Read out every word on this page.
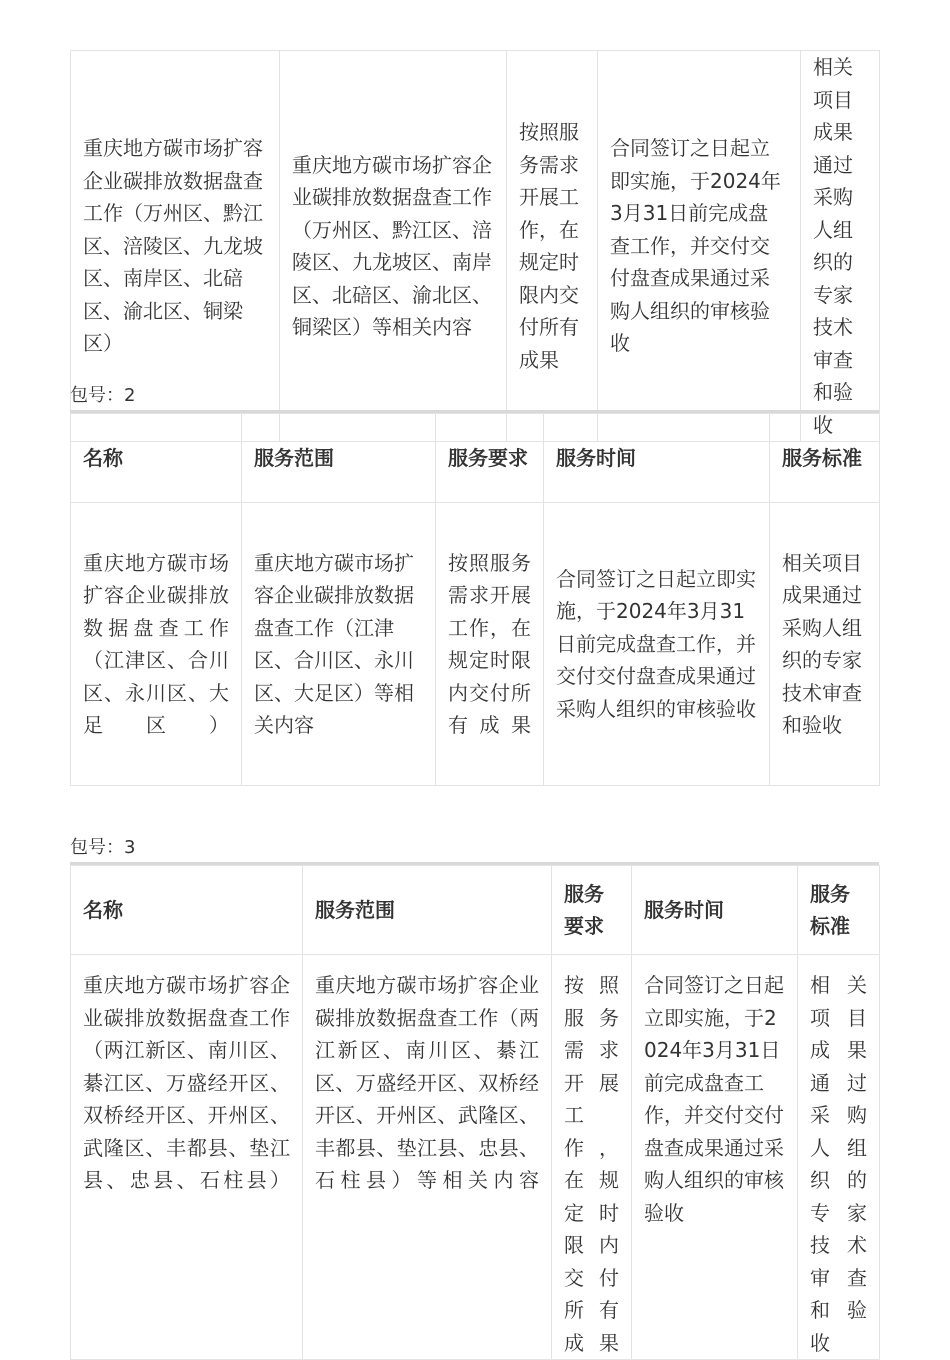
重庆地方碳市场扩容企业碳排放数据盘查工作（万州区、黔江区、涪陵区、九龙坡区、南岸区、北碚区、渝北区、铜梁区）	重庆地方碳市场扩容企业碳排放数据盘查工作（万州区、黔江区、涪陵区、九龙坡区、南岸区、北碚区、渝北区、铜梁区）等相关内容	按照服务需求开展工作，在规定时限内交付所有成果	合同签订之日起立即实施，于2024年3月31日前完成盘查工作，并交付交付盘查成果通过采购人组织的审核验收	相关项目成果通过采购人组织的专家技术审查和验收
包号：2
名称	服务范围	服务要求	服务时间	服务标准

重庆地方碳市场扩容企业碳排放数据盘查工作（江津区、合川区、永川区、大足区）	重庆地方碳市场扩容企业碳排放数据盘查工作（江津区、合川区、永川区、大足区）等相关内容	按照服务需求开展工作，在规定时限内交付所有成果	合同签订之日起立即实施，于2024年3月31日前完成盘查工作，并交付交付盘查成果通过采购人组织的审核验收	相关项目成果通过采购人组织的专家技术审查和验收
包号：3
名称	服务范围	服务要求	服务时间	服务标准

重庆地方碳市场扩容企业碳排放数据盘查工作（两江新区、南川区、綦江区、万盛经开区、双桥经开区、开州区、武隆区、丰都县、垫江县、忠县、石柱县）	重庆地方碳市场扩容企业碳排放数据盘查工作（两江新区、南川区、綦江区、万盛经开区、双桥经开区、开州区、武隆区、丰都县、垫江县、忠县、石柱县）等相关内容	按照服务需求开展工作，在规定时限内交付所有成果	合同签订之日起立即实施，于2024年3月31日前完成盘查工作，并交付交付盘查成果通过采购人组织的审核验收	相关项目成果通过采购人组织的专家技术审查和验收
